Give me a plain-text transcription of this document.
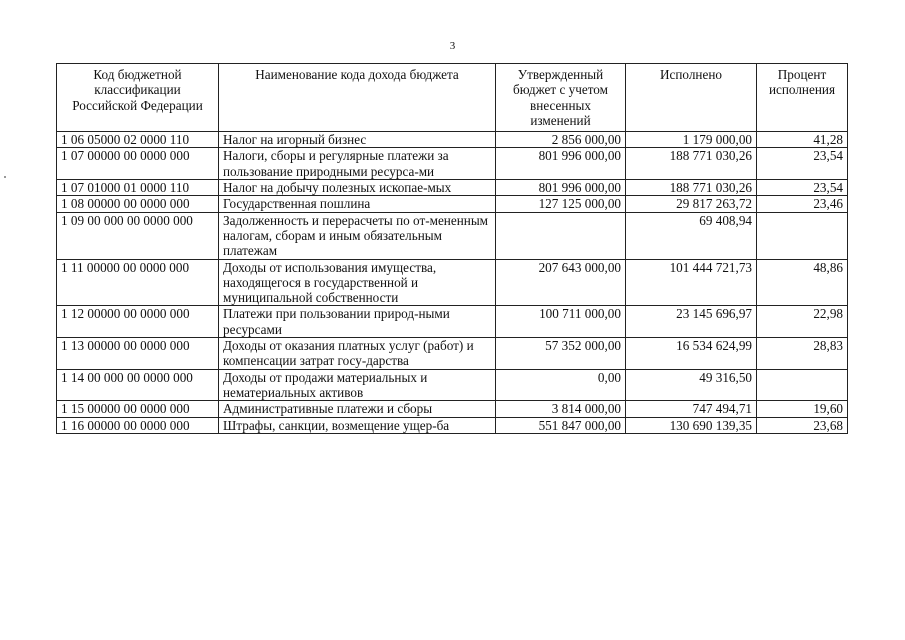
3
Код бюджетной классификации Российской Федерации	Наименование кода дохода бюджета	Утвержденный бюджет с учетом внесенных изменений	Исполнено	Процент исполнения
1 06 05000 02 0000 110	Налог на игорный бизнес	2 856 000,00	1 179 000,00	41,28
1 07 00000 00 0000 000	Налоги, сборы и регулярные платежи за пользование природными ресурса-ми	801 996 000,00	188 771 030,26	23,54
1 07 01000 01 0000 110	Налог на добычу полезных ископае-мых	801 996 000,00	188 771 030,26	23,54
1 08 00000 00 0000 000	Государственная пошлина	127 125 000,00	29 817 263,72	23,46
1 09 00 000 00 0000 000	Задолженность и перерасчеты по от-мененным налогам, сборам и иным обязательным платежам		69 408,94	
1 11 00000 00 0000 000	Доходы от использования имущества, находящегося в государственной и муниципальной собственности	207 643 000,00	101 444 721,73	48,86
1 12 00000 00 0000 000	Платежи при пользовании природ-ными ресурсами	100 711 000,00	23 145 696,97	22,98
1 13 00000 00 0000 000	Доходы от оказания платных услуг (работ) и компенсации затрат госу-дарства	57 352 000,00	16 534 624,99	28,83
1 14 00 000 00 0000 000	Доходы от продажи материальных и нематериальных активов	0,00	49 316,50	
1 15 00000 00 0000 000	Административные платежи и сборы	3 814 000,00	747 494,71	19,60
1 16 00000 00 0000 000	Штрафы, санкции, возмещение ущер-ба	551 847 000,00	130 690 139,35	23,68
